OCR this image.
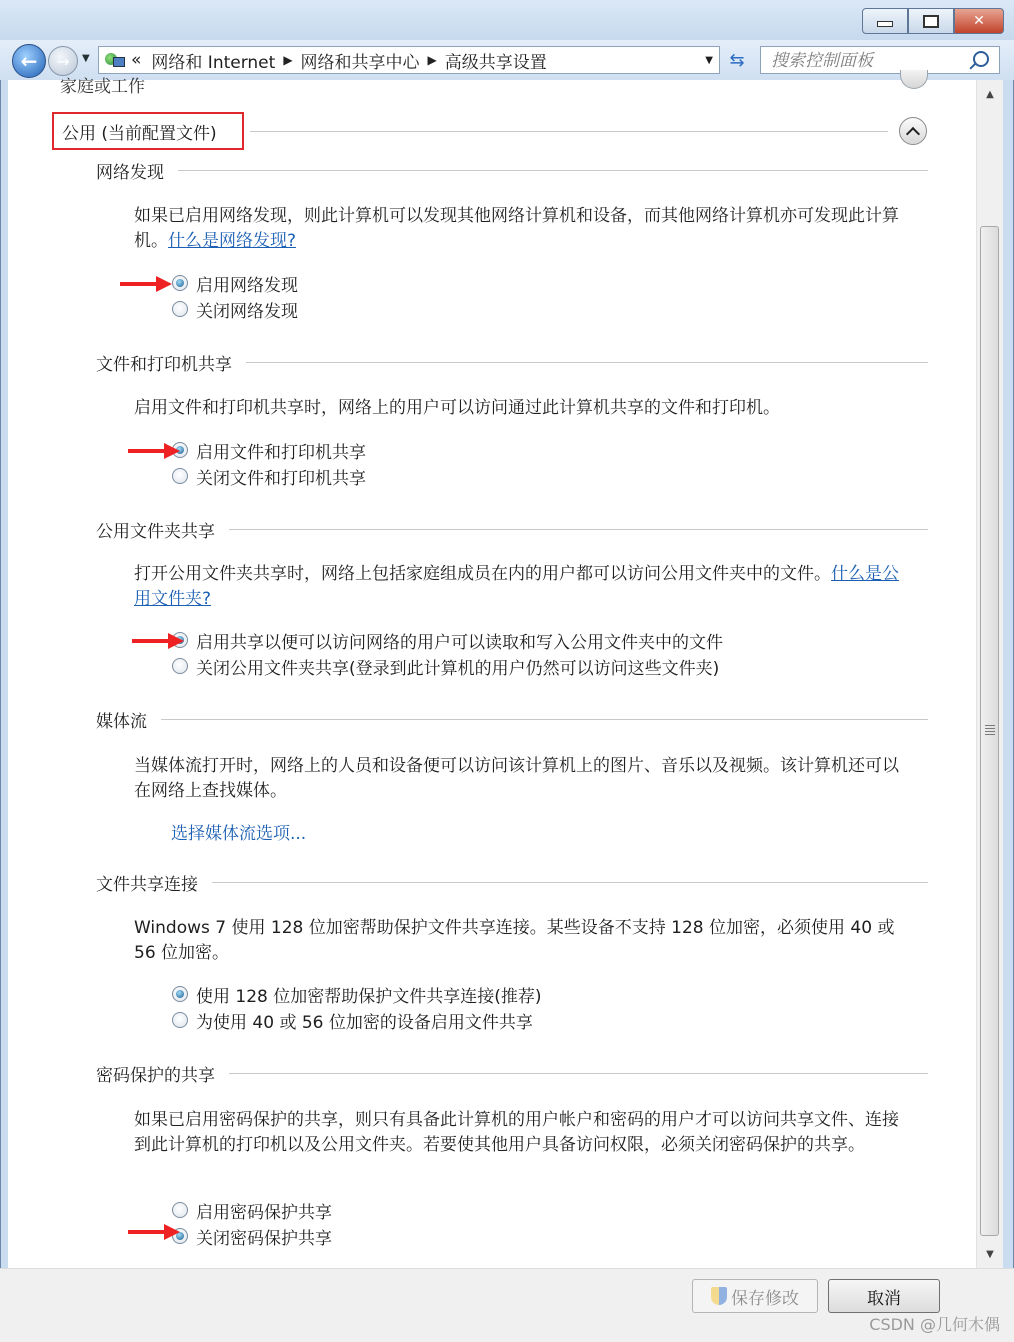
✕
← → ▼ « 网络和 Internet ▶ 网络和共享中心 ▶ 高级共享设置	▼ ⇆
搜索控制面板
家庭或工作
公用 (当前配置文件)
网络发现
如果已启用网络发现，则此计算机可以发现其他网络计算机和设备，而其他网络计算机亦可发现此计算机。什么是网络发现?
启用网络发现
关闭网络发现
文件和打印机共享
启用文件和打印机共享时，网络上的用户可以访问通过此计算机共享的文件和打印机。
启用文件和打印机共享
关闭文件和打印机共享
公用文件夹共享
打开公用文件夹共享时，网络上包括家庭组成员在内的用户都可以访问公用文件夹中的文件。什么是公用文件夹?
启用共享以便可以访问网络的用户可以读取和写入公用文件夹中的文件
关闭公用文件夹共享(登录到此计算机的用户仍然可以访问这些文件夹)
媒体流
当媒体流打开时，网络上的人员和设备便可以访问该计算机上的图片、音乐以及视频。该计算机还可以在网络上查找媒体。
选择媒体流选项...
文件共享连接
Windows 7 使用 128 位加密帮助保护文件共享连接。某些设备不支持 128 位加密，必须使用 40 或 56 位加密。
使用 128 位加密帮助保护文件共享连接(推荐)
为使用 40 或 56 位加密的设备启用文件共享
密码保护的共享
如果已启用密码保护的共享，则只有具备此计算机的用户帐户和密码的用户才可以访问共享文件、连接到此计算机的打印机以及公用文件夹。若要使其他用户具备访问权限，必须关闭密码保护的共享。
启用密码保护共享
关闭密码保护共享
▲
▼
保存修改	取消
CSDN @几何木偶
